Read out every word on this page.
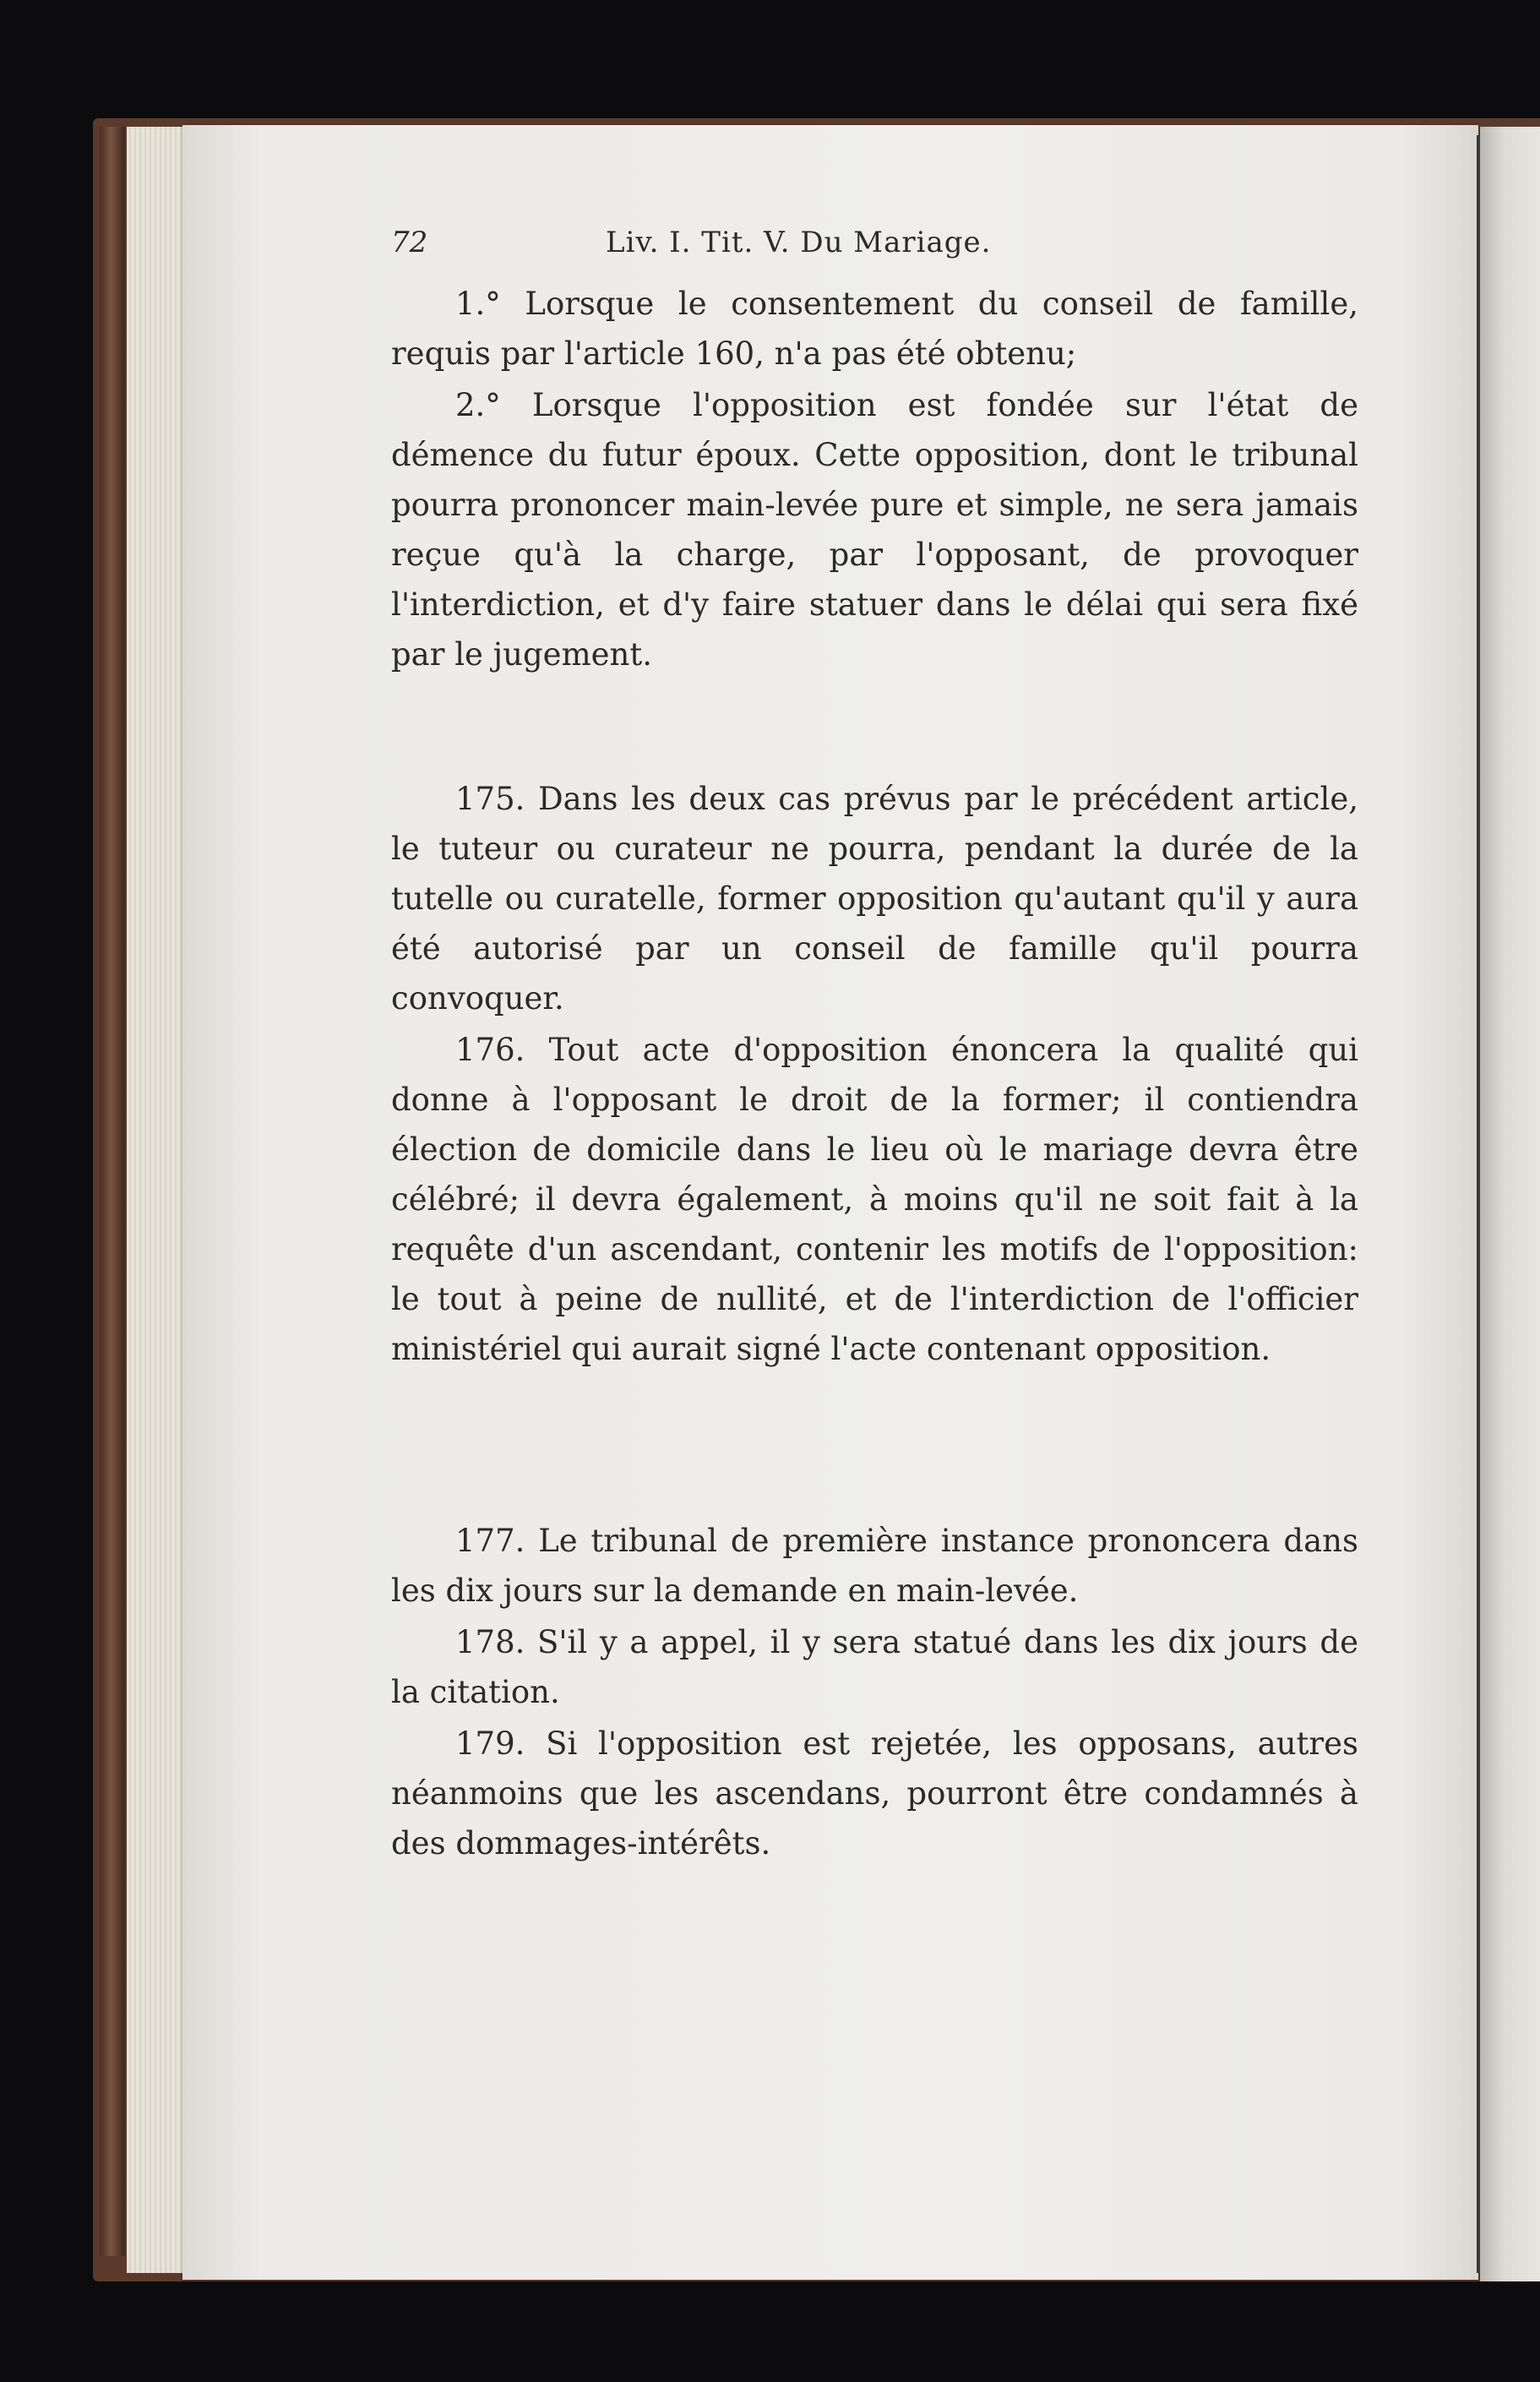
72	Liv. I. Tit. V. Du Mariage.

1.° Lorsque le consentement du conseil de famille, requis par l'article 160, n'a pas été obtenu;

2.° Lorsque l'opposition est fondée sur l'état de démence du futur époux. Cette opposition, dont le tribunal pourra prononcer main-levée pure et simple, ne sera jamais reçue qu'à la charge, par l'opposant, de provoquer l'interdiction, et d'y faire statuer dans le délai qui sera fixé par le jugement.

175. Dans les deux cas prévus par le précédent article, le tuteur ou curateur ne pourra, pendant la durée de la tutelle ou curatelle, former opposition qu'autant qu'il y aura été autorisé par un conseil de famille qu'il pourra convoquer.

176. Tout acte d'opposition énoncera la qualité qui donne à l'opposant le droit de la former; il contiendra élection de domicile dans le lieu où le mariage devra être célébré; il devra également, à moins qu'il ne soit fait à la requête d'un ascendant, contenir les motifs de l'opposition: le tout à peine de nullité, et de l'interdiction de l'officier ministériel qui aurait signé l'acte contenant opposition.

177. Le tribunal de première instance prononcera dans les dix jours sur la demande en main-levée.

178. S'il y a appel, il y sera statué dans les dix jours de la citation.

179. Si l'opposition est rejetée, les opposans, autres néanmoins que les ascendans, pourront être condamnés à des dommages-intérêts.
